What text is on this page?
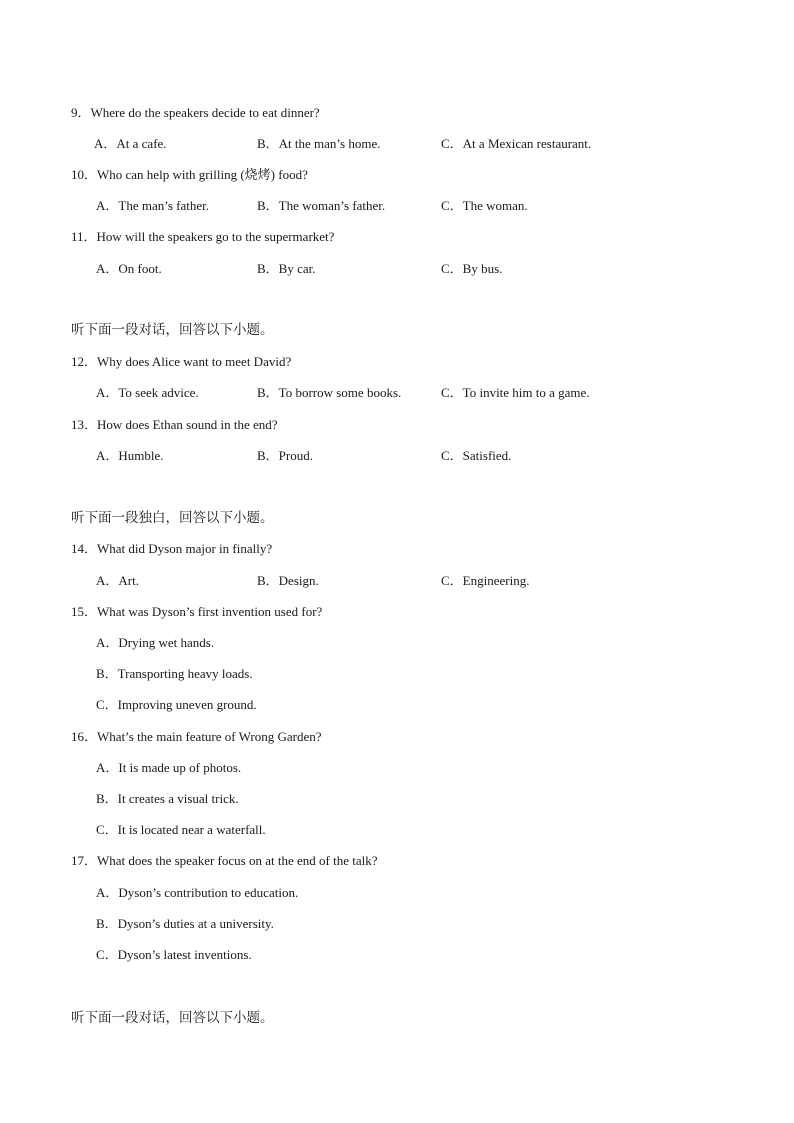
9．Where do the speakers decide to eat dinner?
A．At a cafe.	B．At the man’s home.	C．At a Mexican restaurant.
10．Who can help with grilling (烧烤) food?
A．The man’s father.	B．The woman’s father.	C．The woman.
11．How will the speakers go to the supermarket?
A．On foot.	B．By car.	C．By bus.
听下面一段对话，回答以下小题。
12．Why does Alice want to meet David?
A．To seek advice.	B．To borrow some books.	C．To invite him to a game.
13．How does Ethan sound in the end?
A．Humble.	B．Proud.	C．Satisfied.
听下面一段独白，回答以下小题。
14．What did Dyson major in finally?
A．Art.	B．Design.	C．Engineering.
15．What was Dyson’s first invention used for?
A．Drying wet hands.
B．Transporting heavy loads.
C．Improving uneven ground.
16．What’s the main feature of Wrong Garden?
A．It is made up of photos.
B．It creates a visual trick.
C．It is located near a waterfall.
17．What does the speaker focus on at the end of the talk?
A．Dyson’s contribution to education.
B．Dyson’s duties at a university.
C．Dyson’s latest inventions.
听下面一段对话，回答以下小题。
